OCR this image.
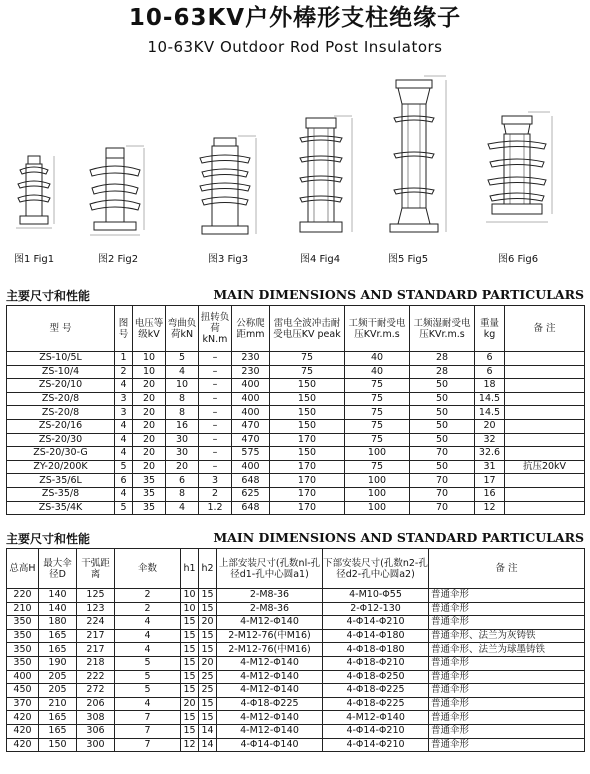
10-63KV户外棒形支柱绝缘子
10-63KV Outdoor Rod Post Insulators
图1 Fig1	图2 Fig2	图3 Fig3	图4 Fig4	图5 Fig5	图6 Fig6
主要尺寸和性能	MAIN DIMENSIONS AND STANDARD PARTICULARS
型 号	图号	电压等级kV	弯曲负荷kN	扭转负荷kN.m	公称爬距mm	雷电全波冲击耐受电压KV peak	工频干耐受电压KVr.m.s	工频湿耐受电压KVr.m.s	重量kg	备 注
ZS-10/5L	1	10	5	–	230	75	40	28	6	
ZS-10/4	2	10	4	–	230	75	40	28	6	
ZS-20/10	4	20	10	–	400	150	75	50	18	
ZS-20/8	3	20	8	–	400	150	75	50	14.5	
ZS-20/8	3	20	8	–	400	150	75	50	14.5	
ZS-20/16	4	20	16	–	470	150	75	50	20	
ZS-20/30	4	20	30	–	470	170	75	50	32	
ZS-20/30-G	4	20	30	–	575	150	100	70	32.6	
ZY-20/200K	5	20	20	–	400	170	75	50	31	抗压20kV
ZS-35/6L	6	35	6	3	648	170	100	70	17	
ZS-35/8	4	35	8	2	625	170	100	70	16	
ZS-35/4K	5	35	4	1.2	648	170	100	70	12	
主要尺寸和性能	MAIN DIMENSIONS AND STANDARD PARTICULARS
总高H	最大伞径D	干弧距离	伞数	h1	h2	上部安装尺寸(孔数nl-孔径d1-孔中心圆a1)	下部安装尺寸(孔数n2-孔径d2-孔中心圆a2)	备 注
220	140	125	2	10	15	2-M8-36	4-M10-Φ55	普通伞形
210	140	123	2	10	15	2-M8-36	2-Φ12-130	普通伞形
350	180	224	4	15	20	4-M12-Φ140	4-Φ14-Φ210	普通伞形
350	165	217	4	15	15	2-M12-76(中M16)	4-Φ14-Φ180	普通伞形、法兰为灰铸铁
350	165	217	4	15	15	2-M12-76(中M16)	4-Φ18-Φ180	普通伞形、法兰为球墨铸铁
350	190	218	5	15	20	4-M12-Φ140	4-Φ18-Φ210	普通伞形
400	205	222	5	15	25	4-M12-Φ140	4-Φ18-Φ250	普通伞形
450	205	272	5	15	25	4-M12-Φ140	4-Φ18-Φ225	普通伞形
370	210	206	4	20	15	4-Φ18-Φ225	4-Φ18-Φ225	普通伞形
420	165	308	7	15	15	4-M12-Φ140	4-M12-Φ140	普通伞形
420	165	306	7	15	14	4-M12-Φ140	4-Φ14-Φ210	普通伞形
420	150	300	7	12	14	4-Φ14-Φ140	4-Φ14-Φ210	普通伞形
